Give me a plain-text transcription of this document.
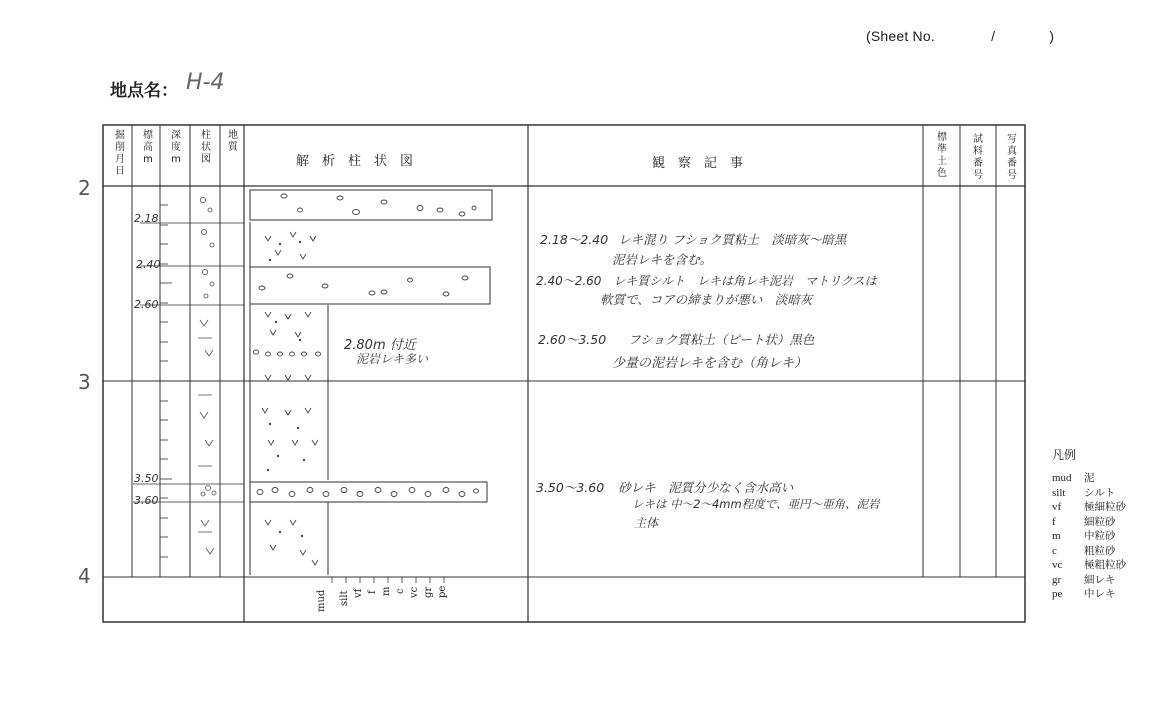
(Sheet No.	/	)
地点名： H-4
2
3
4
掘削月日
標高m
深度m
柱状図
地質
解　析　柱　状　図	観　察　記　事
標準土色
試料番号
写真番号
2.18
2.40
2.60
3.50
3.60
2.80m 付近
泥岩レキ多い
mud silt vf f m c vc gr pe
2.18～2.40 レキ混り フショク質粘土　淡暗灰～暗黒
泥岩レキを含む。
2.40～2.60 レキ質シルト　レキは角レキ泥岩　マトリクスは
軟質で、コアの締まりが悪い　淡暗灰
2.60～3.50 フショク質粘土（ピート状）黒色
少量の泥岩レキを含む（角レキ）
3.50～3.60 砂レキ　泥質分少なく含水高い
レキは 中～2～4mm程度で、亜円～亜角、泥岩
主体
凡例
mud 泥
silt シルト
vf 極細粒砂
f	細粒砂
m 中粒砂
c	粗粒砂
vc 極粗粒砂
gr 細レキ
pe 中レキ
